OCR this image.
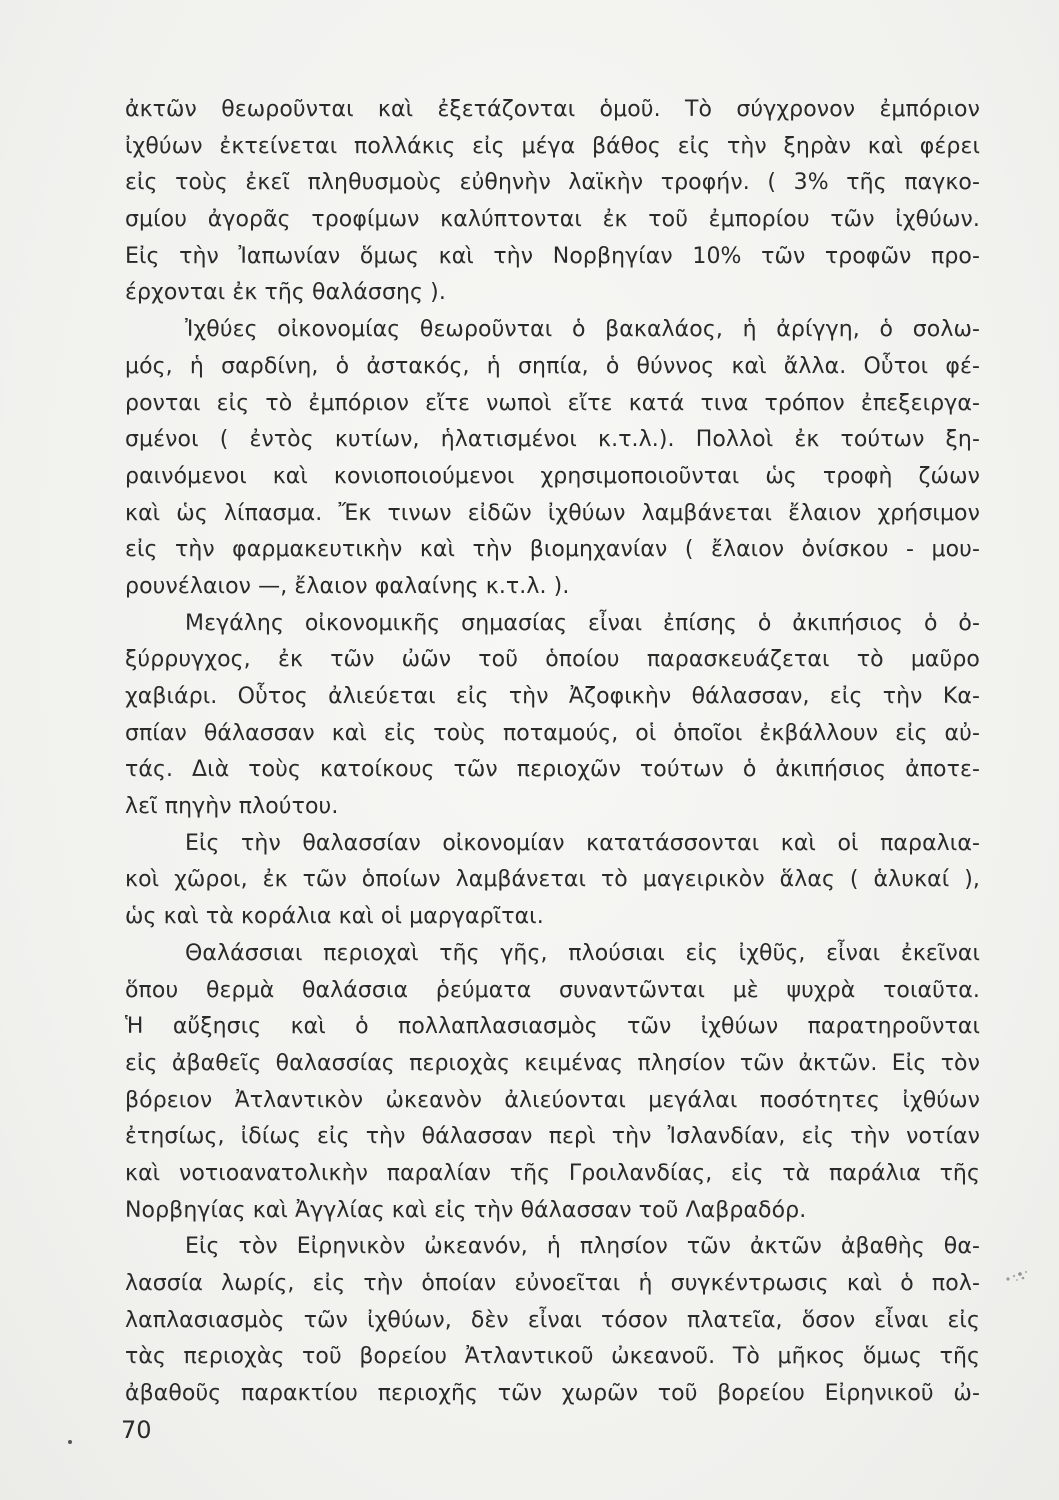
ἀκτῶν θεωροῦνται καὶ ἐξετάζονται ὁμοῦ. Τὸ σύγχρονον ἐμπόριον
ἰχθύων ἐκτείνεται πολλάκις εἰς μέγα βάθος εἰς τὴν ξηρὰν καὶ φέρει
εἰς τοὺς ἐκεῖ πληθυσμοὺς εὐθηνὴν λαϊκὴν τροφήν. ( 3% τῆς παγκο-
σμίου ἀγορᾶς τροφίμων καλύπτονται ἐκ τοῦ ἐμπορίου τῶν ἰχθύων.
Εἰς τὴν Ἰαπωνίαν ὅμως καὶ τὴν Νορβηγίαν 10% τῶν τροφῶν προ-
έρχονται ἐκ τῆς θαλάσσης ).
Ἰχθύες οἰκονομίας θεωροῦνται ὁ βακαλάος, ἡ ἀρίγγη, ὁ σολω-
μός, ἡ σαρδίνη, ὁ ἀστακός, ἡ σηπία, ὁ θύννος καὶ ἄλλα. Οὗτοι φέ-
ρονται εἰς τὸ ἐμπόριον εἴτε νωποὶ εἴτε κατά τινα τρόπον ἐπεξειργα-
σμένοι ( ἐντὸς κυτίων, ἡλατισμένοι κ.τ.λ.). Πολλοὶ ἐκ τούτων ξη-
ραινόμενοι καὶ κονιοποιούμενοι χρησιμοποιοῦνται ὡς τροφὴ ζώων
καὶ ὡς λίπασμα. Ἔκ τινων εἰδῶν ἰχθύων λαμβάνεται ἔλαιον χρήσιμον
εἰς τὴν φαρμακευτικὴν καὶ τὴν βιομηχανίαν ( ἔλαιον ὀνίσκου - μου-
ρουνέλαιον —, ἔλαιον φαλαίνης κ.τ.λ. ).
Μεγάλης οἰκονομικῆς σημασίας εἶναι ἐπίσης ὁ ἀκιπήσιος ὁ ὀ-
ξύρρυγχος, ἐκ τῶν ὠῶν τοῦ ὁποίου παρασκευάζεται τὸ μαῦρο
χαβιάρι. Οὗτος ἀλιεύεται εἰς τὴν Ἀζοφικὴν θάλασσαν, εἰς τὴν Κα-
σπίαν θάλασσαν καὶ εἰς τοὺς ποταμούς, οἱ ὁποῖοι ἐκβάλλουν εἰς αὐ-
τάς. Διὰ τοὺς κατοίκους τῶν περιοχῶν τούτων ὁ ἀκιπήσιος ἀποτε-
λεῖ πηγὴν πλούτου.
Εἰς τὴν θαλασσίαν οἰκονομίαν κατατάσσονται καὶ οἱ παραλια-
κοὶ χῶροι, ἐκ τῶν ὁποίων λαμβάνεται τὸ μαγειρικὸν ἅλας ( ἁλυκαί ),
ὡς καὶ τὰ κοράλια καὶ οἱ μαργαρῖται.
Θαλάσσιαι περιοχαὶ τῆς γῆς, πλούσιαι εἰς ἰχθῦς, εἶναι ἐκεῖναι
ὅπου θερμὰ θαλάσσια ῥεύματα συναντῶνται μὲ ψυχρὰ τοιαῦτα.
Ἡ αὔξησις καὶ ὁ πολλαπλασιασμὸς τῶν ἰχθύων παρατηροῦνται
εἰς ἀβαθεῖς θαλασσίας περιοχὰς κειμένας πλησίον τῶν ἀκτῶν. Εἰς τὸν
βόρειον Ἀτλαντικὸν ὠκεανὸν ἀλιεύονται μεγάλαι ποσότητες ἰχθύων
ἐτησίως, ἰδίως εἰς τὴν θάλασσαν περὶ τὴν Ἰσλανδίαν, εἰς τὴν νοτίαν
καὶ νοτιοανατολικὴν παραλίαν τῆς Γροιλανδίας, εἰς τὰ παράλια τῆς
Νορβηγίας καὶ Ἀγγλίας καὶ εἰς τὴν θάλασσαν τοῦ Λαβραδόρ.
Εἰς τὸν Εἰρηνικὸν ὠκεανόν, ἡ πλησίον τῶν ἀκτῶν ἀβαθὴς θα-
λασσία λωρίς, εἰς τὴν ὁποίαν εὐνοεῖται ἡ συγκέντρωσις καὶ ὁ πολ-
λαπλασιασμὸς τῶν ἰχθύων, δὲν εἶναι τόσον πλατεῖα, ὅσον εἶναι εἰς
τὰς περιοχὰς τοῦ βορείου Ἀτλαντικοῦ ὠκεανοῦ. Τὸ μῆκος ὅμως τῆς
ἀβαθοῦς παρακτίου περιοχῆς τῶν χωρῶν τοῦ βορείου Εἰρηνικοῦ ὠ-
70
